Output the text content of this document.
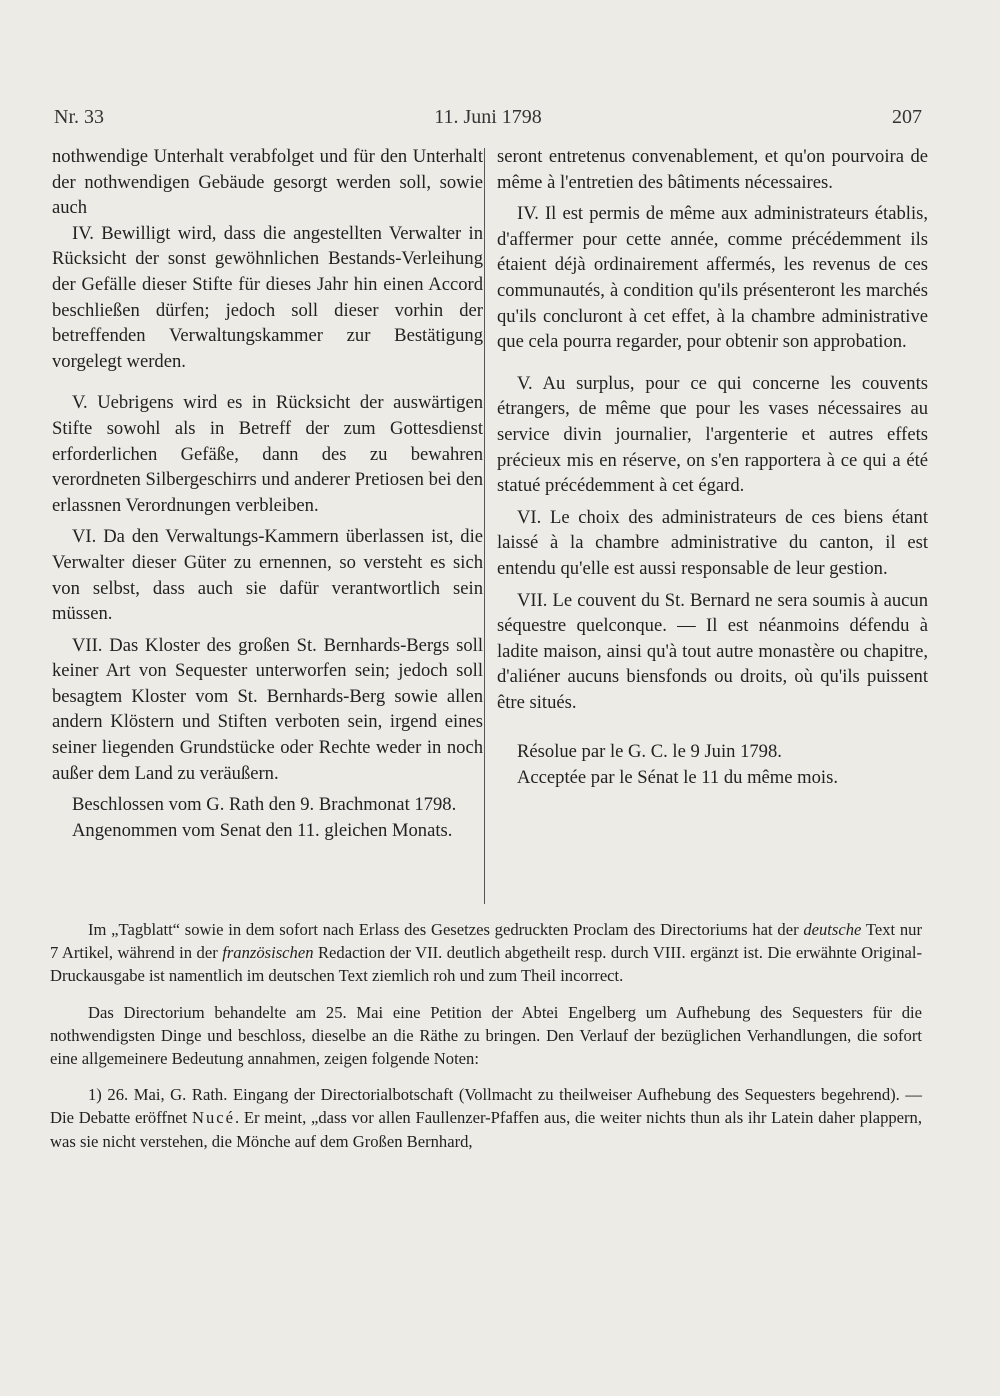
Nr. 33	11. Juni 1798	207

nothwendige Unterhalt verabfolget und für den Unterhalt der nothwendigen Gebäude gesorgt werden soll, sowie auch

IV. Bewilligt wird, dass die angestellten Verwalter in Rücksicht der sonst gewöhnlichen Bestands-Verleihung der Gefälle dieser Stifte für dieses Jahr hin einen Accord beschließen dürfen; jedoch soll dieser vorhin der betreffenden Verwaltungskammer zur Bestätigung vorgelegt werden.

V. Uebrigens wird es in Rücksicht der auswärtigen Stifte sowohl als in Betreff der zum Gottesdienst erforderlichen Gefäße, dann des zu bewahren verordneten Silbergeschirrs und anderer Pretiosen bei den erlassnen Verordnungen verbleiben.

VI. Da den Verwaltungs-Kammern überlassen ist, die Verwalter dieser Güter zu ernennen, so versteht es sich von selbst, dass auch sie dafür verantwortlich sein müssen.

VII. Das Kloster des großen St. Bernhards-Bergs soll keiner Art von Sequester unterworfen sein; jedoch soll besagtem Kloster vom St. Bernhards-Berg sowie allen andern Klöstern und Stiften verboten sein, irgend eines seiner liegenden Grundstücke oder Rechte weder in noch außer dem Land zu veräußern.

Beschlossen vom G. Rath den 9. Brachmonat 1798.

Angenommen vom Senat den 11. gleichen Monats.

seront entretenus convenablement, et qu'on pourvoira de même à l'entretien des bâtiments nécessaires.

IV. Il est permis de même aux administrateurs établis, d'affermer pour cette année, comme précédemment ils étaient déjà ordinairement affermés, les revenus de ces communautés, à condition qu'ils présenteront les marchés qu'ils concluront à cet effet, à la chambre administrative que cela pourra regarder, pour obtenir son approbation.

V. Au surplus, pour ce qui concerne les couvents étrangers, de même que pour les vases nécessaires au service divin journalier, l'argenterie et autres effets précieux mis en réserve, on s'en rapportera à ce qui a été statué précédemment à cet égard.

VI. Le choix des administrateurs de ces biens étant laissé à la chambre administrative du canton, il est entendu qu'elle est aussi responsable de leur gestion.

VII. Le couvent du St. Bernard ne sera soumis à aucun séquestre quelconque. — Il est néanmoins défendu à ladite maison, ainsi qu'à tout autre monastère ou chapitre, d'aliéner aucuns biensfonds ou droits, où qu'ils puissent être situés.

Résolue par le G. C. le 9 Juin 1798.

Acceptée par le Sénat le 11 du même mois.

Im „Tagblatt“ sowie in dem sofort nach Erlass des Gesetzes gedruckten Proclam des Directoriums hat der deutsche Text nur 7 Artikel, während in der französischen Redaction der VII. deutlich abgetheilt resp. durch VIII. ergänzt ist. Die erwähnte Original-Druckausgabe ist namentlich im deutschen Text ziemlich roh und zum Theil incorrect.

Das Directorium behandelte am 25. Mai eine Petition der Abtei Engelberg um Aufhebung des Sequesters für die nothwendigsten Dinge und beschloss, dieselbe an die Räthe zu bringen. Den Verlauf der bezüglichen Verhandlungen, die sofort eine allgemeinere Bedeutung annahmen, zeigen folgende Noten:

1) 26. Mai, G. Rath. Eingang der Directorialbotschaft (Vollmacht zu theilweiser Aufhebung des Sequesters begehrend). — Die Debatte eröffnet Nucé. Er meint, „dass vor allen Faullenzer-Pfaffen aus, die weiter nichts thun als ihr Latein daher plappern, was sie nicht verstehen, die Mönche auf dem Großen Bernhard,
